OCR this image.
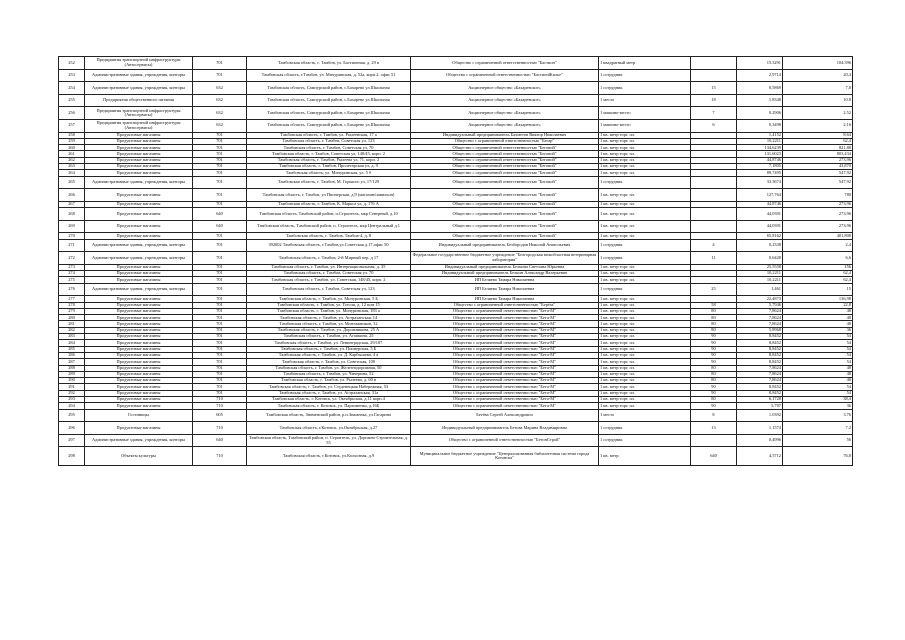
252	Предприятия транспортной инфраструктуры (Автосервисы)	701	Тамбовская область, г. Тамбов, ул. Бастионная, д. 29 в	Общество с ограниченной ответственностью "Бастион"	1 квадратный метр		15.3291	104.396
253	Административные здания, учреждения, конторы	701	Тамбовская область, г.Тамбов, ул. Мичуринская, д. 52а, корп.2, офис 51	Общество с ограниченной ответственностью "БастионЖилье"	1 сотрудник		2,9714	20,4
254	Административные здания, учреждения, конторы	632	Тамбовская область, Сампурский район, с.Бахарево ул.Школьная	Акционерное общество «Бахаревское»	1 сотрудник	15	0,5869	7,8
255	Предприятия общественного питания	632	Тамбовская область, Сампурский район, с.Бахарево ул.Школьная	Акционерное общество «Бахаревское»	1 место	18	1.8348	10.8
256	Предприятия транспортной инфраструктуры (Автосервисы)	632	Тамбовская область, Сампурский район, с.Бахарево ул.Школьная	Акционерное общество «Бахаревское»	1 машино-место	7	0.2906	2.52
257	Предприятия транспортной инфраструктуры (Автосервисы)	632	Тамбовская область, Сампурский район, с.Бахарево ул.Школьная	Акционерное общество «Бахаревское»	1 машино-место	6	0,3498	2,16
258	Продуктовые магазины	701	Тамбовская область, г. Тамбов, ул. Рылеевская, 17 а	Индивидуальный предприниматель Бахметов Виктор Николаевич	1 кв. метр торг. пл.		1,4152	8.64
259	Продуктовые магазины	701	Тамбовская область, г. Тамбов, Советская ул, 123	Общество с ограниченной ответственностью "Бегар"	1 кв. метр торг. пл.		10,2211	62,4
260	Продуктовые магазины	701	Тамбовская область, г. Тамбов, Советская ул, 70	Общество с ограниченной ответственностью "Беговой"	1 кв. метр торг. пл.		134,6239	821,88
261	Продуктовые магазины	701	Тамбовская область, г. Тамбов, Советская ул, 148/45, корп. 2	Общество с ограниченной ответственностью "Беговой"	1 кв. метр торг. пл.		131,6023	803,434
262	Продуктовые магазины	701	Тамбовская область, г. Тамбов, Рылеева ул, 71, корп. 2	Общество с ограниченной ответственностью "Беговой"	1 кв. метр торг. пл.		44,8746	273,96
263	Продуктовые магазины	701	Тамбовская область, г. Тамбов, Пролетарская ул, д. 9	Общество с ограниченной ответственностью "Беговой"	1 кв. метр торг. пл.		7,1805	43,870
264	Продуктовые магазины	701	Тамбовская область, ул. Мичуринская, ул. 5 б	Общество с ограниченной ответственностью "Беговой"	1 кв. метр торг. пл.		89,7495	547,92
265	Административные здания, учреждения, конторы	701	Тамбовская область, г. Тамбов, М. Горького ул, 17/129	Общество с ограниченной ответственностью "Беговой"	1 сотрудник		33.5674	547,92
266	Продуктовые магазины	701	Тамбовская область, г. Тамбов, ул Пионерская, д.9 (магазин/павильон)	Общество с ограниченной ответственностью "Беговой"	1 кв. метр торг. пл.		127,764	780
267	Продуктовые магазины	701	Тамбовская область, г. Тамбов, К. Маркса ул, д. 176 А	Общество с ограниченной ответственностью "Беговой"	1 кв. метр торг. пл.		44,8746	273,96
268	Продуктовые магазины	640	Тамбовская область, Тамбовский район, п.Строитель, мкр Северный, д.10	Общество с ограниченной ответственностью "Беговой"	1 кв. метр торг. пл.		44,0391	273,96
269	Продуктовые магазины	640	Тамбовская область, Тамбовский район, п. Строитель, мкр Центральный д.1	Общество с ограниченной ответственностью "Беговой"	1 кв. метр торг. пл.		44,0391	273,96
270	Продуктовые магазины	701	Тамбовская область, г. Тамбов, Тамбов-4, д. 8	Общество с ограниченной ответственностью "Беговой"	1 кв. метр торг. пл.		65,8162	401,808
271	Административные здания, учреждения, конторы	701	392002 Тамбовская область, г.Тамбов,ул.Советская д.17,офис 50	Индивидуальный предприниматель Безбородов Николай Анатольевич	1 сотрудник	4	0,2338	2,4
272	Административные здания, учреждения, конторы	701	Тамбовская область, г. Тамбов, 2-й Мирный пер, д 17	Федеральное государственное бюджетное учреждение "Белгородская межобластная ветеринарная лаборатория"	1 сотрудник	11	0,6428	6,6
273	Продуктовые магазины	701	Тамбовская область, г. Тамбов, ул. Интернациональная, д. 35	Индивидуальный предприниматель Белкина Светлана Юрьевна	1 кв. метр торг. пл.		25,5558	156
274	Продуктовые магазины	701	Тамбовская область, г. Тамбов, Советская ул. 70	Индивидуальный предприниматель Белкин Александр Валерьевич	1 кв. метр торг. пл.		10,2211	62,4
275	Продуктовые магазины	701	Тамбовская область, г. Тамбов, ул. Советская, 148/45, корп. 2	ИП Беляева Тамара Николаевна	1 кв. метр торг. пл.		10,2211	62,4
276	Административные здания, учреждения, конторы	701	Тамбовская область, г. Тамбов, Советская ул, 123	ИП Беляева Тамара Николаевна	1 сотрудник	25	1,461	15
277	Продуктовые магазины	701	Тамбовская область, г. Тамбов, ул. Мичуринская, 5 Б	ИП Беляева Тамара Николаевна	1 кв. метр торг. пл.		22,4873	136,98
278	Продуктовые магазины	701	Тамбовская область, г. Тамбов, ул. Гоголя, д. 12 пом 15	Общество с ограниченной ответственностью "Берёза"	1 кв. метр торг. пл.	58	5,7946	22,8
279	Продуктовые магазины	701	Тамбовская область, г. Тамбов, ул. Мичуринская, 183 а	Общество с ограниченной ответственностью "Бета-М"	1 кв. метр торг. пл.	80	7,8624	48
280	Продуктовые магазины	701	Тамбовская область, г. Тамбов, ул. Астраханская, 14	Общество с ограниченной ответственностью "Бета-М"	1 кв. метр торг. пл.	80	7,8624	48
281	Продуктовые магазины	701	Тамбовская область, г. Тамбов, ул. Монтажников, 32	Общество с ограниченной ответственностью "Бета-М"	1 кв. метр торг. пл.	80	7,8624	48
282	Продуктовые магазины	701	Тамбовская область, г. Тамбов, ул. Дорожникова, 25 А	Общество с ограниченной ответственностью "Бета-М"	1 кв. метр торг. пл.	80	5,8968	36
283	Продуктовые магазины	701	Тамбовская область, г. Тамбов, ул. Агапкина, 25	Общество с ограниченной ответственностью "Бета-М"	1 кв. метр торг. пл.	90	8,8452	54
284	Продуктовые магазины	701	Тамбовская область, г. Тамбов, ул. Ленинградская, 29/107	Общество с ограниченной ответственностью "Бета-М"	1 кв. метр торг. пл.	90	8,8452	54
285	Продуктовые магазины	701	Тамбовская область, г. Тамбов, ул. Пионерская, 5 Б	Общество с ограниченной ответственностью "Бета-М"	1 кв. метр торг. пл.	90	8,8452	54
286	Продуктовые магазины	701	Тамбовская область, г. Тамбов, ул. Д. Карбышева, 4 а	Общество с ограниченной ответственностью "Бета-М"	1 кв. метр торг. пл.	90	8,8452	54
287	Продуктовые магазины	701	Тамбовская область, г. Тамбов, ул. Советская, 100	Общество с ограниченной ответственностью "Бета-М"	1 кв. метр торг. пл.	90	8,8452	54
288	Продуктовые магазины	701	Тамбовская область, г. Тамбов, ул. Железнодорожная, 50	Общество с ограниченной ответственностью "Бета-М"	1 кв. метр торг. пл.	80	7,8624	48
289	Продуктовые магазины	701	Тамбовская область, г. Тамбов, ул. Чичерина, 52	Общество с ограниченной ответственностью "Бета-М"	1 кв. метр торг. пл.	80	7,8624	48
290	Продуктовые магазины	701	Тамбовская область, г. Тамбов, ул. Рылеева, д. 60 в	Общество с ограниченной ответственностью "Бета-М"	1 кв. метр торг. пл.	80	7,8624	48
291	Продуктовые магазины	701	Тамбовская область, г. Тамбов, ул. Студенецкая Набережная, 53	Общество с ограниченной ответственностью "Бета-М"	1 кв. метр торг. пл.	90	8,8452	54
292	Продуктовые магазины	701	Тамбовская область, г. Тамбов, ул. Астраханская, 31а	Общество с ограниченной ответственностью "Бета-М"	1 кв. метр торг. пл.	90	8,8452	54
293	Продуктовые магазины	710	Тамбовская область, г. Котовск, ул. Октябрьская, д.11 корп.4	Общество с ограниченной ответственностью "Бета-М"	1 кв. метр торг. пл.	80	6,1728	38,4
294	Продуктовые магазины	710	Тамбовская область, г. Котовск, ул. Пархоменко, д.16Б	Общество с ограниченной ответственностью "Бета-М"	1 кв. метр торг. пл.	90	5,787	36
295	Гостиницы	605	Тамбовская область, Знаменский район, р.п.Знаменка, ул.Гагарина	Бетёва Сергей Александрович	1 место	8	1.0392	3.76
296	Продуктовые магазины	710	Тамбовская область, г.Котовск, ул.Октябрьская, д.27	Индивидуальный предприниматель Бетова Марина Владимировна	1 сотрудник	13	1.1574	7.2
297	Административные здания, учреждения, конторы	640	Тамбовская область, Тамбовский район, п. Строитель, ул. Дорожно-Строительная, д. 55	Общество с ограниченной ответственностью "БетонСтрой"	1 сотрудник		0,4996	56
298	Объекты культуры	710	Тамбовская область, г.Котовск, ул.Колхозная, д.9	Муниципальное бюджетное учреждение "Централизованная библиотечная система города Котовска"	1 кв. метр	640	4,5712	76,8
